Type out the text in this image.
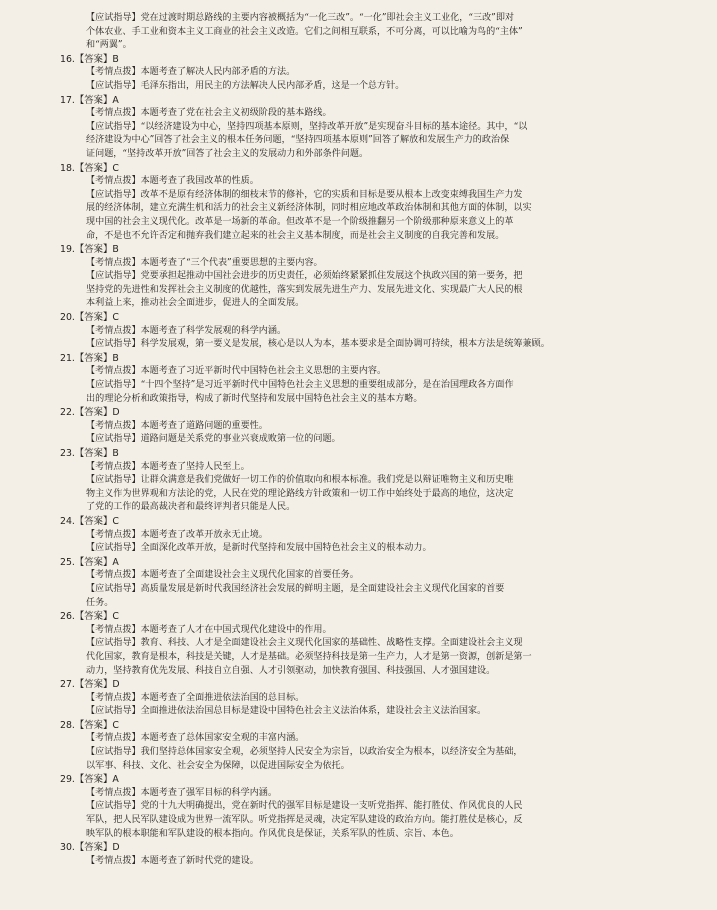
【应试指导】党在过渡时期总路线的主要内容被概括为“一化三改”。“一化”即社会主义工业化，“三改”即对
个体农业、手工业和资本主义工商业的社会主义改造。它们之间相互联系，不可分离，可以比喻为鸟的“主体”
和“两翼”。
16.【答案】B
【考情点拨】本题考查了解决人民内部矛盾的方法。
【应试指导】毛泽东指出，用民主的方法解决人民内部矛盾，这是一个总方针。
17.【答案】A
【考情点拨】本题考查了党在社会主义初级阶段的基本路线。
【应试指导】“以经济建设为中心，坚持四项基本原则，坚持改革开放”是实现奋斗目标的基本途径。其中，“以
经济建设为中心”回答了社会主义的根本任务问题，“坚持四项基本原则”回答了解放和发展生产力的政治保
证问题，“坚持改革开放”回答了社会主义的发展动力和外部条件问题。
18.【答案】C
【考情点拨】本题考查了我国改革的性质。
【应试指导】改革不是原有经济体制的细枝末节的修补，它的实质和目标是要从根本上改变束缚我国生产力发
展的经济体制，建立充满生机和活力的社会主义新经济体制，同时相应地改革政治体制和其他方面的体制，以实
现中国的社会主义现代化。改革是一场新的革命。但改革不是一个阶级推翻另一个阶级那种原来意义上的革
命，不是也不允许否定和抛弃我们建立起来的社会主义基本制度，而是社会主义制度的自我完善和发展。
19.【答案】B
【考情点拨】本题考查了“三个代表”重要思想的主要内容。
【应试指导】党要承担起推动中国社会进步的历史责任，必须始终紧紧抓住发展这个执政兴国的第一要务，把
坚持党的先进性和发挥社会主义制度的优越性，落实到发展先进生产力、发展先进文化、实现最广大人民的根
本利益上来，推动社会全面进步，促进人的全面发展。
20.【答案】C
【考情点拨】本题考查了科学发展观的科学内涵。
【应试指导】科学发展观，第一要义是发展，核心是以人为本，基本要求是全面协调可持续，根本方法是统筹兼顾。
21.【答案】B
【考情点拨】本题考查了习近平新时代中国特色社会主义思想的主要内容。
【应试指导】“十四个坚持”是习近平新时代中国特色社会主义思想的重要组成部分，是在治国理政各方面作
出的理论分析和政策指导，构成了新时代坚持和发展中国特色社会主义的基本方略。
22.【答案】D
【考情点拨】本题考查了道路问题的重要性。
【应试指导】道路问题是关系党的事业兴衰成败第一位的问题。
23.【答案】B
【考情点拨】本题考查了坚持人民至上。
【应试指导】让群众满意是我们党做好一切工作的价值取向和根本标准。我们党是以辩证唯物主义和历史唯
物主义作为世界观和方法论的党，人民在党的理论路线方针政策和一切工作中始终处于最高的地位，这决定
了党的工作的最高裁决者和最终评判者只能是人民。
24.【答案】C
【考情点拨】本题考查了改革开放永无止境。
【应试指导】全面深化改革开放，是新时代坚持和发展中国特色社会主义的根本动力。
25.【答案】A
【考情点拨】本题考查了全面建设社会主义现代化国家的首要任务。
【应试指导】高质量发展是新时代我国经济社会发展的鲜明主题，是全面建设社会主义现代化国家的首要
任务。
26.【答案】C
【考情点拨】本题考查了人才在中国式现代化建设中的作用。
【应试指导】教育、科技、人才是全面建设社会主义现代化国家的基础性、战略性支撑。全面建设社会主义现
代化国家，教育是根本，科技是关键，人才是基础。必须坚持科技是第一生产力，人才是第一资源，创新是第一
动力，坚持教育优先发展、科技自立自强、人才引领驱动，加快教育强国、科技强国、人才强国建设。
27.【答案】D
【考情点拨】本题考查了全面推进依法治国的总目标。
【应试指导】全面推进依法治国总目标是建设中国特色社会主义法治体系，建设社会主义法治国家。
28.【答案】C
【考情点拨】本题考查了总体国家安全观的丰富内涵。
【应试指导】我们坚持总体国家安全观，必须坚持人民安全为宗旨，以政治安全为根本，以经济安全为基础，
以军事、科技、文化、社会安全为保障，以促进国际安全为依托。
29.【答案】A
【考情点拨】本题考查了强军目标的科学内涵。
【应试指导】党的十九大明确提出，党在新时代的强军目标是建设一支听党指挥、能打胜仗、作风优良的人民
军队，把人民军队建设成为世界一流军队。听党指挥是灵魂，决定军队建设的政治方向。能打胜仗是核心，反
映军队的根本职能和军队建设的根本指向。作风优良是保证，关系军队的性质、宗旨、本色。
30.【答案】D
【考情点拨】本题考查了新时代党的建设。
